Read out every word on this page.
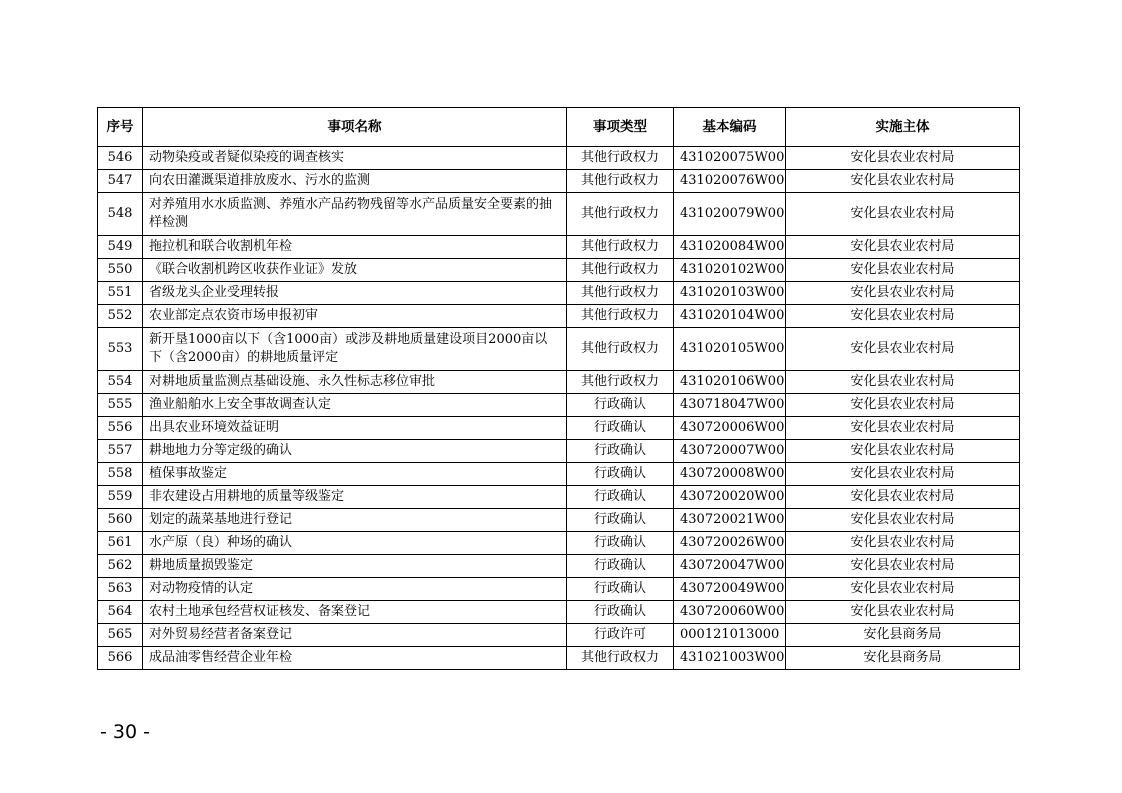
序号	事项名称	事项类型	基本编码	实施主体
546	动物染疫或者疑似染疫的调查核实	其他行政权力	431020075W00	安化县农业农村局
547	向农田灌溉渠道排放废水、污水的监测	其他行政权力	431020076W00	安化县农业农村局
548	对养殖用水水质监测、养殖水产品药物残留等水产品质量安全要素的抽样检测	其他行政权力	431020079W00	安化县农业农村局
549	拖拉机和联合收割机年检	其他行政权力	431020084W00	安化县农业农村局
550	《联合收割机跨区收获作业证》发放	其他行政权力	431020102W00	安化县农业农村局
551	省级龙头企业受理转报	其他行政权力	431020103W00	安化县农业农村局
552	农业部定点农资市场申报初审	其他行政权力	431020104W00	安化县农业农村局
553	新开垦1000亩以下（含1000亩）或涉及耕地质量建设项目2000亩以下（含2000亩）的耕地质量评定	其他行政权力	431020105W00	安化县农业农村局
554	对耕地质量监测点基础设施、永久性标志移位审批	其他行政权力	431020106W00	安化县农业农村局
555	渔业船舶水上安全事故调查认定	行政确认	430718047W00	安化县农业农村局
556	出具农业环境效益证明	行政确认	430720006W00	安化县农业农村局
557	耕地地力分等定级的确认	行政确认	430720007W00	安化县农业农村局
558	植保事故鉴定	行政确认	430720008W00	安化县农业农村局
559	非农建设占用耕地的质量等级鉴定	行政确认	430720020W00	安化县农业农村局
560	划定的蔬菜基地进行登记	行政确认	430720021W00	安化县农业农村局
561	水产原（良）种场的确认	行政确认	430720026W00	安化县农业农村局
562	耕地质量损毁鉴定	行政确认	430720047W00	安化县农业农村局
563	对动物疫情的认定	行政确认	430720049W00	安化县农业农村局
564	农村土地承包经营权证核发、备案登记	行政确认	430720060W00	安化县农业农村局
565	对外贸易经营者备案登记	行政许可	000121013000	安化县商务局
566	成品油零售经营企业年检	其他行政权力	431021003W00	安化县商务局
- 30 -
